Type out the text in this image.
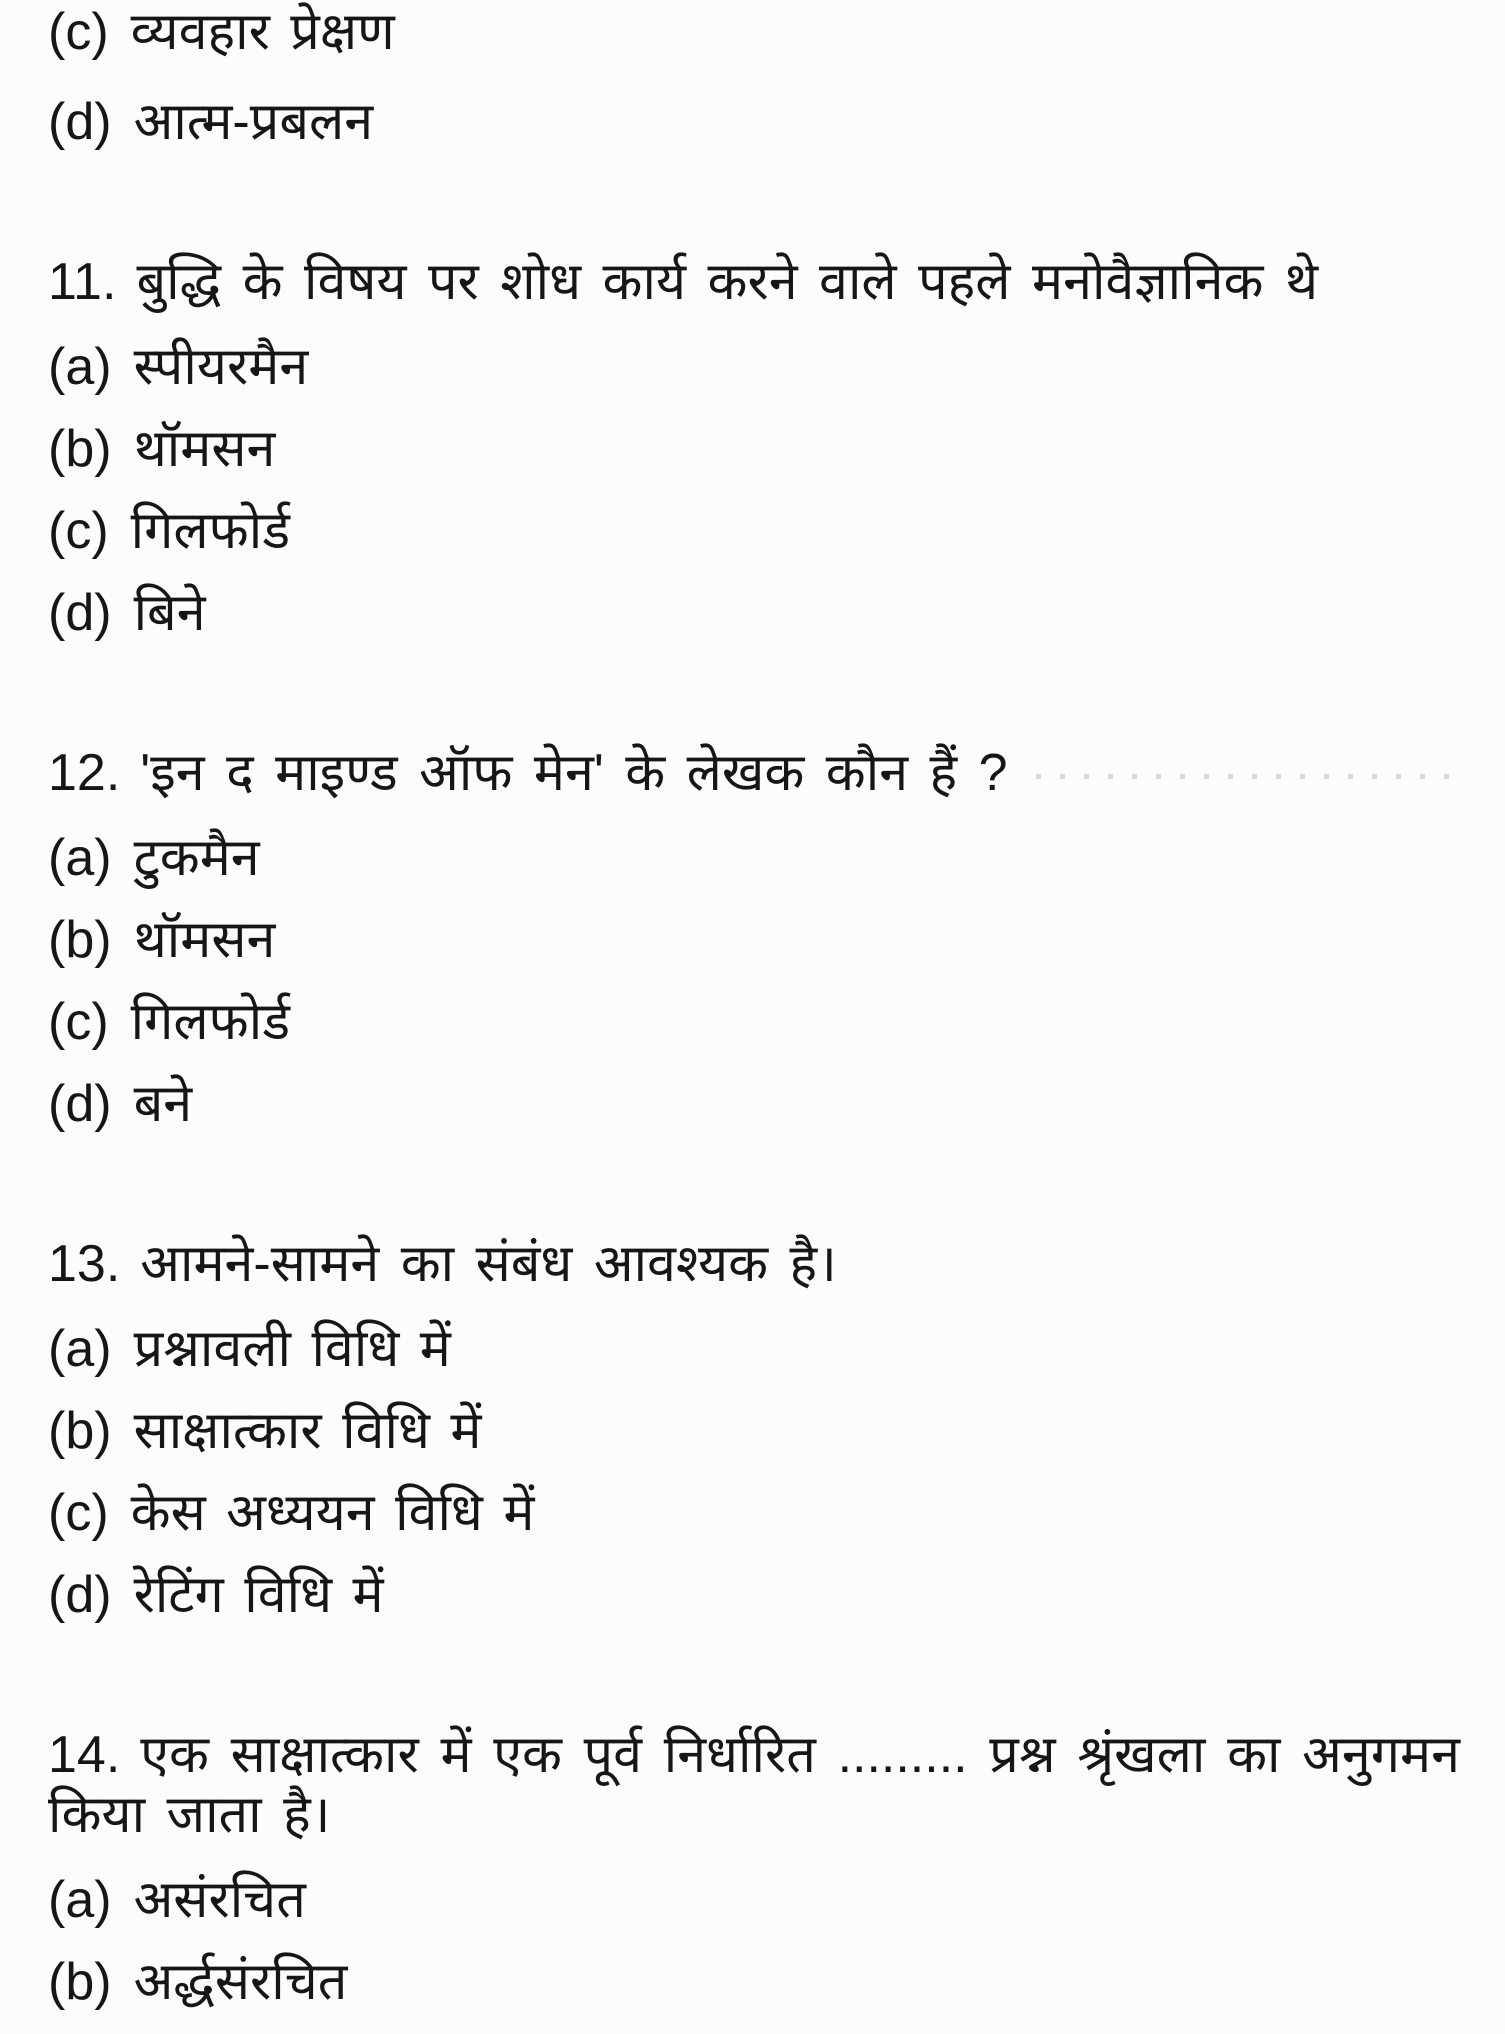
(c) व्यवहार प्रेक्षण
(d) आत्म-प्रबलन
11. बुद्धि के विषय पर शोध कार्य करने वाले पहले मनोवैज्ञानिक थे
(a) स्पीयरमैन
(b) थॉमसन
(c) गिलफोर्ड
(d) बिने
12. 'इन द माइण्ड ऑफ मेन' के लेखक कौन हैं ?
(a) टुकमैन
(b) थॉमसन
(c) गिलफोर्ड
(d) बने
13. आमने-सामने का संबंध आवश्यक है।
(a) प्रश्नावली विधि में
(b) साक्षात्कार विधि में
(c) केस अध्ययन विधि में
(d) रेटिंग विधि में
14. एक साक्षात्कार में एक पूर्व निर्धारित ......... प्रश्न श्रृंखला का अनुगमन किया जाता है।
(a) असंरचित
(b) अर्द्धसंरचित
